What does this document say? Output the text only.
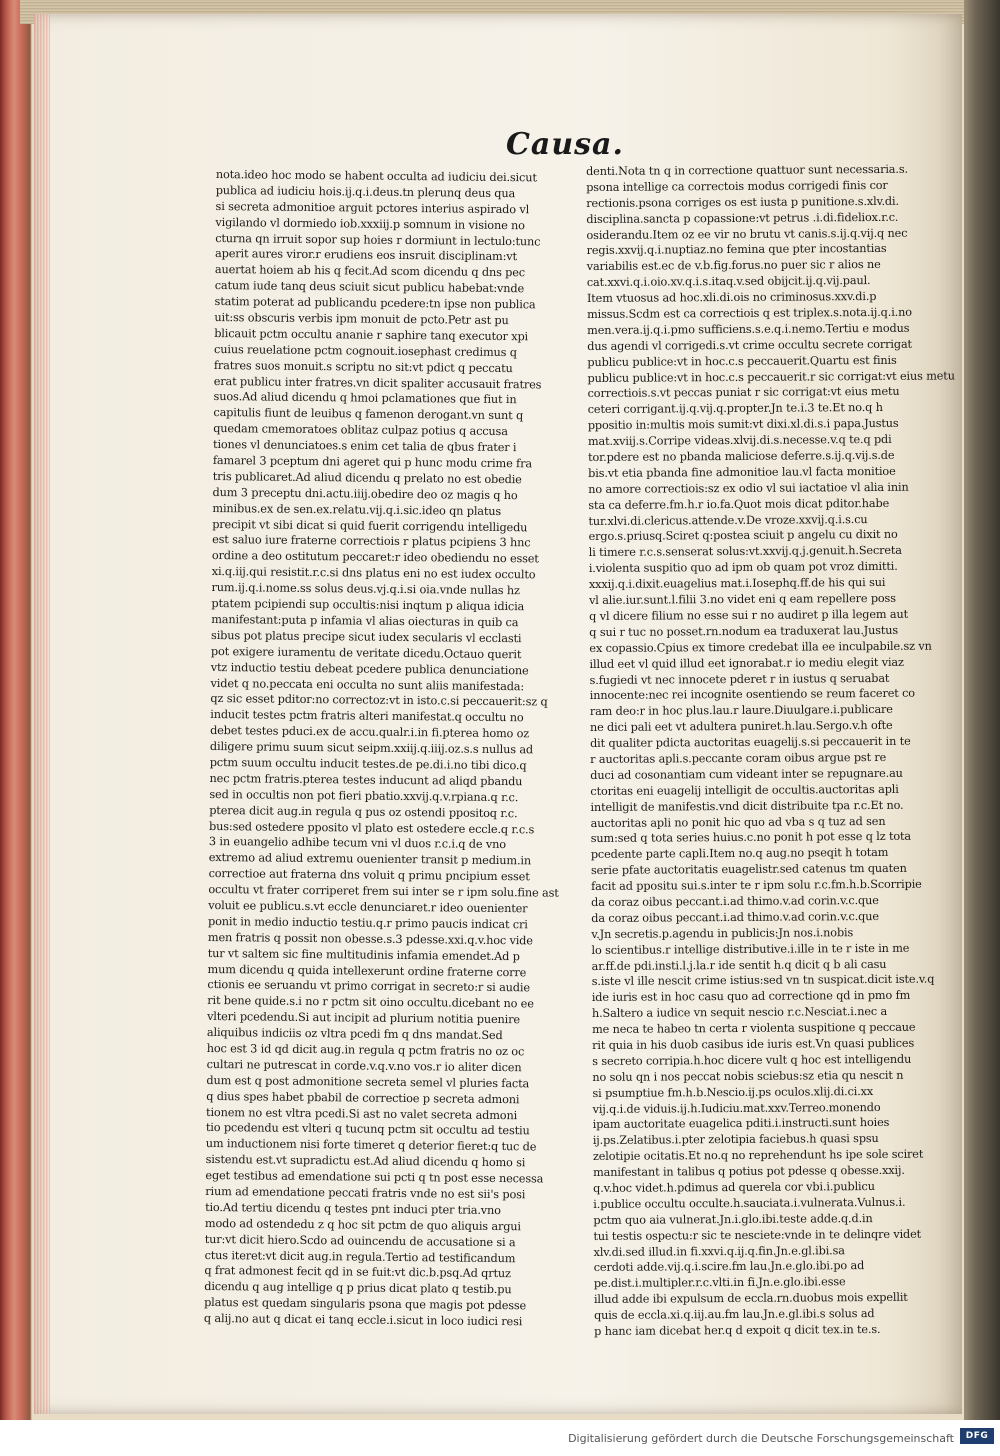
Causa.
nota.ideo hoc modo se habent occulta ad iudiciu dei.sicut
publica ad iudiciu hois.ij.q.i.deus.tn plerunq deus qua
si secreta admonitioe arguit pctores interius aspirado vl
vigilando vl dormiedo iob.xxxiij.p somnum in visione no
cturna qn irruit sopor sup hoies r dormiunt in lectulo:tunc
aperit aures viror.r erudiens eos insruit disciplinam:vt
auertat hoiem ab his q fecit.Ad scom dicendu q dns pec
catum iude tanq deus sciuit sicut publicu habebat:vnde
statim poterat ad publicandu pcedere:tn ipse non publica
uit:ss obscuris verbis ipm monuit de pcto.Petr ast pu
blicauit pctm occultu ananie r saphire tanq executor xpi
cuius reuelatione pctm cognouit.iosephast credimus q
fratres suos monuit.s scriptu no sit:vt pdict q peccatu
erat publicu inter fratres.vn dicit spaliter accusauit fratres
suos.Ad aliud dicendu q hmoi pclamationes que fiut in
capitulis fiunt de leuibus q famenon derogant.vn sunt q
quedam cmemoratoes oblitaz culpaz potius q accusa
tiones vl denunciatoes.s enim cet talia de qbus frater i
famarel 3 pceptum dni ageret qui p hunc modu crime fra
tris publicaret.Ad aliud dicendu q prelato no est obedie
dum 3 preceptu dni.actu.iiij.obedire deo oz magis q ho
minibus.ex de sen.ex.relatu.vij.q.i.sic.ideo qn platus
precipit vt sibi dicat si quid fuerit corrigendu intelligedu
est saluo iure fraterne correctiois r platus pcipiens 3 hnc
ordine a deo ostitutum peccaret:r ideo obediendu no esset
xi.q.iij.qui resistit.r.c.si dns platus eni no est iudex occulto
rum.ij.q.i.nome.ss solus deus.vj.q.i.si oia.vnde nullas hz
ptatem pcipiendi sup occultis:nisi inqtum p aliqua idicia
manifestant:puta p infamia vl alias oiecturas in quib ca
sibus pot platus precipe sicut iudex secularis vl ecclasti
pot exigere iuramentu de veritate dicedu.Octauo querit
vtz inductio testiu debeat pcedere publica denunciatione
videt q no.peccata eni occulta no sunt aliis manifestada:
qz sic esset pditor:no correctoz:vt in isto.c.si peccauerit:sz q
inducit testes pctm fratris alteri manifestat.q occultu no
debet testes pduci.ex de accu.qualr.i.in fi.pterea homo oz
diligere primu suum sicut seipm.xxiij.q.iiij.oz.s.s nullus ad
pctm suum occultu inducit testes.de pe.di.i.no tibi dico.q
nec pctm fratris.pterea testes inducunt ad aliqd pbandu
sed in occultis non pot fieri pbatio.xxvij.q.v.rpiana.q r.c.
pterea dicit aug.in regula q pus oz ostendi ppositoq r.c.
bus:sed ostedere pposito vl plato est ostedere eccle.q r.c.s
3 in euangelio adhibe tecum vni vl duos r.c.i.q de vno
extremo ad aliud extremu ouenienter transit p medium.in
correctioe aut fraterna dns voluit q primu pncipium esset
occultu vt frater corriperet frem sui inter se r ipm solu.fine ast
voluit ee publicu.s.vt eccle denunciaret.r ideo ouenienter
ponit in medio inductio testiu.q.r primo paucis indicat cri
men fratris q possit non obesse.s.3 pdesse.xxi.q.v.hoc vide
tur vt saltem sic fine multitudinis infamia emendet.Ad p
mum dicendu q quida intellexerunt ordine fraterne corre
ctionis ee seruandu vt primo corrigat in secreto:r si audie
rit bene quide.s.i no r pctm sit oino occultu.dicebant no ee
vlteri pcedendu.Si aut incipit ad plurium notitia puenire
aliquibus indiciis oz vltra pcedi fm q dns mandat.Sed
hoc est 3 id qd dicit aug.in regula q pctm fratris no oz oc
cultari ne putrescat in corde.v.q.v.no vos.r io aliter dicen
dum est q post admonitione secreta semel vl pluries facta
q dius spes habet pbabil de correctioe p secreta admoni
tionem no est vltra pcedi.Si ast no valet secreta admoni
tio pcedendu est vlteri q tucunq pctm sit occultu ad testiu
um inductionem nisi forte timeret q deterior fieret:q tuc de
sistendu est.vt supradictu est.Ad aliud dicendu q homo si
eget testibus ad emendatione sui pcti q tn post esse necessa
rium ad emendatione peccati fratris vnde no est sii's posi
tio.Ad tertiu dicendu q testes pnt induci pter tria.vno
modo ad ostendedu z q hoc sit pctm de quo aliquis argui
tur:vt dicit hiero.Scdo ad ouincendu de accusatione si a
ctus iteret:vt dicit aug.in regula.Tertio ad testificandum
q frat admonest fecit qd in se fuit:vt dic.b.psq.Ad qrtuz
dicendu q aug intellige q p prius dicat plato q testib.pu
platus est quedam singularis psona que magis pot pdesse
q alij.no aut q dicat ei tanq eccle.i.sicut in loco iudici resi
denti.Nota tn q in correctione quattuor sunt necessaria.s.
psona intellige ca correctois modus corrigedi finis cor
rectionis.psona corriges os est iusta p punitione.s.xlv.di.
disciplina.sancta p copassione:vt petrus .i.di.fideliox.r.c.
osiderandu.Item oz ee vir no brutu vt canis.s.ij.q.vij.q nec
regis.xxvij.q.i.nuptiaz.no femina que pter incostantias
variabilis est.ec de v.b.fig.forus.no puer sic r alios ne
cat.xxvi.q.i.oio.xv.q.i.s.itaq.v.sed obijcit.ij.q.vij.paul.
Item vtuosus ad hoc.xli.di.ois no criminosus.xxv.di.p
missus.Scdm est ca correctiois q est triplex.s.nota.ij.q.i.no
men.vera.ij.q.i.pmo sufficiens.s.e.q.i.nemo.Tertiu e modus
dus agendi vl corrigedi.s.vt crime occultu secrete corrigat
publicu publice:vt in hoc.c.s peccauerit.Quartu est finis
publicu publice:vt in hoc.c.s peccauerit.r sic corrigat:vt eius metu
correctiois.s.vt peccas puniat r sic corrigat:vt eius metu
ceteri corrigant.ij.q.vij.q.propter.Jn te.i.3 te.Et no.q h
ppositio in:multis mois sumit:vt dixi.xl.di.s.i papa.Justus
mat.xviij.s.Corripe videas.xlvij.di.s.necesse.v.q te.q pdi
tor.pdere est no pbanda maliciose deferre.s.ij.q.vij.s.de
bis.vt etia pbanda fine admonitioe lau.vl facta monitioe
no amore correctiois:sz ex odio vl sui iactatioe vl alia inin
sta ca deferre.fm.h.r io.fa.Quot mois dicat pditor.habe
tur.xlvi.di.clericus.attende.v.De vroze.xxvij.q.i.s.cu
ergo.s.priusq.Sciret q:postea sciuit p angelu cu dixit no
li timere r.c.s.senserat solus:vt.xxvij.q.j.genuit.h.Secreta
i.violenta suspitio quo ad ipm ob quam pot vroz dimitti.
xxxij.q.i.dixit.euagelius mat.i.Iosephq.ff.de his qui sui
vl alie.iur.sunt.l.filii 3.no videt eni q eam repellere poss
q vl dicere filium no esse sui r no audiret p illa legem aut
q sui r tuc no posset.rn.nodum ea traduxerat lau.Justus
ex copassio.Cpius ex timore credebat illa ee inculpabile.sz vn
illud eet vl quid illud eet ignorabat.r io mediu elegit viaz
s.fugiedi vt nec innocete pderet r in iustus q seruabat
innocente:nec rei incognite osentiendo se reum faceret co
ram deo:r in hoc plus.lau.r laure.Diuulgare.i.publicare
ne dici pali eet vt adultera puniret.h.lau.Sergo.v.h ofte
dit qualiter pdicta auctoritas euagelij.s.si peccauerit in te
r auctoritas apli.s.peccante coram oibus argue pst re
duci ad cosonantiam cum videant inter se repugnare.au
ctoritas eni euagelij intelligit de occultis.auctoritas apli
intelligit de manifestis.vnd dicit distribuite tpa r.c.Et no.
auctoritas apli no ponit hic quo ad vba s q tuz ad sen
sum:sed q tota series huius.c.no ponit h pot esse q lz tota
pcedente parte capli.Item no.q aug.no pseqit h totam
serie pfate auctoritatis euagelistr.sed catenus tm quaten
facit ad ppositu sui.s.inter te r ipm solu r.c.fm.h.b.Scorripie
da coraz oibus peccant.i.ad thimo.v.ad corin.v.c.que
da coraz oibus peccant.i.ad thimo.v.ad corin.v.c.que
v.Jn secretis.p.agendu in publicis:Jn nos.i.nobis
lo scientibus.r intellige distributive.i.ille in te r iste in me
ar.ff.de pdi.insti.l.j.la.r ide sentit h.q dicit q b ali casu
s.iste vl ille nescit crime istius:sed vn tn suspicat.dicit iste.v.q
ide iuris est in hoc casu quo ad correctione qd in pmo fm
h.Saltero a iudice vn sequit nescio r.c.Nesciat.i.nec a
me neca te habeo tn certa r violenta suspitione q peccaue
rit quia in his duob casibus ide iuris est.Vn quasi publices
s secreto corripia.h.hoc dicere vult q hoc est intelligendu
no solu qn i nos peccat nobis sciebus:sz etia qu nescit n
si psumptiue fm.h.b.Nescio.ij.ps oculos.xlij.di.ci.xx
vij.q.i.de viduis.ij.h.Iudiciu.mat.xxv.Terreo.monendo
ipam auctoritate euagelica pditi.i.instructi.sunt hoies
ij.ps.Zelatibus.i.pter zelotipia faciebus.h quasi spsu
zelotipie ocitatis.Et no.q no reprehendunt hs ipe sole sciret
manifestant in talibus q potius pot pdesse q obesse.xxij.
q.v.hoc videt.h.pdimus ad querela cor vbi.i.publicu
i.publice occultu occulte.h.sauciata.i.vulnerata.Vulnus.i.
pctm quo aia vulnerat.Jn.i.glo.ibi.teste adde.q.d.in
tui testis ospectu:r sic te nesciete:vnde in te delinqre videt
xlv.di.sed illud.in fi.xxvi.q.ij.q.fin.Jn.e.gl.ibi.sa
cerdoti adde.vij.q.i.scire.fm lau.Jn.e.glo.ibi.po ad
pe.dist.i.multipler.r.c.vlti.in fi.Jn.e.glo.ibi.esse
illud adde ibi expulsum de eccla.rn.duobus mois expellit
quis de eccla.xi.q.iij.au.fm lau.Jn.e.gl.ibi.s solus ad
p hanc iam dicebat her.q d expoit q dicit tex.in te.s.
Digitalisierung gefördert durch die Deutsche Forschungsgemeinschaft	DFG
